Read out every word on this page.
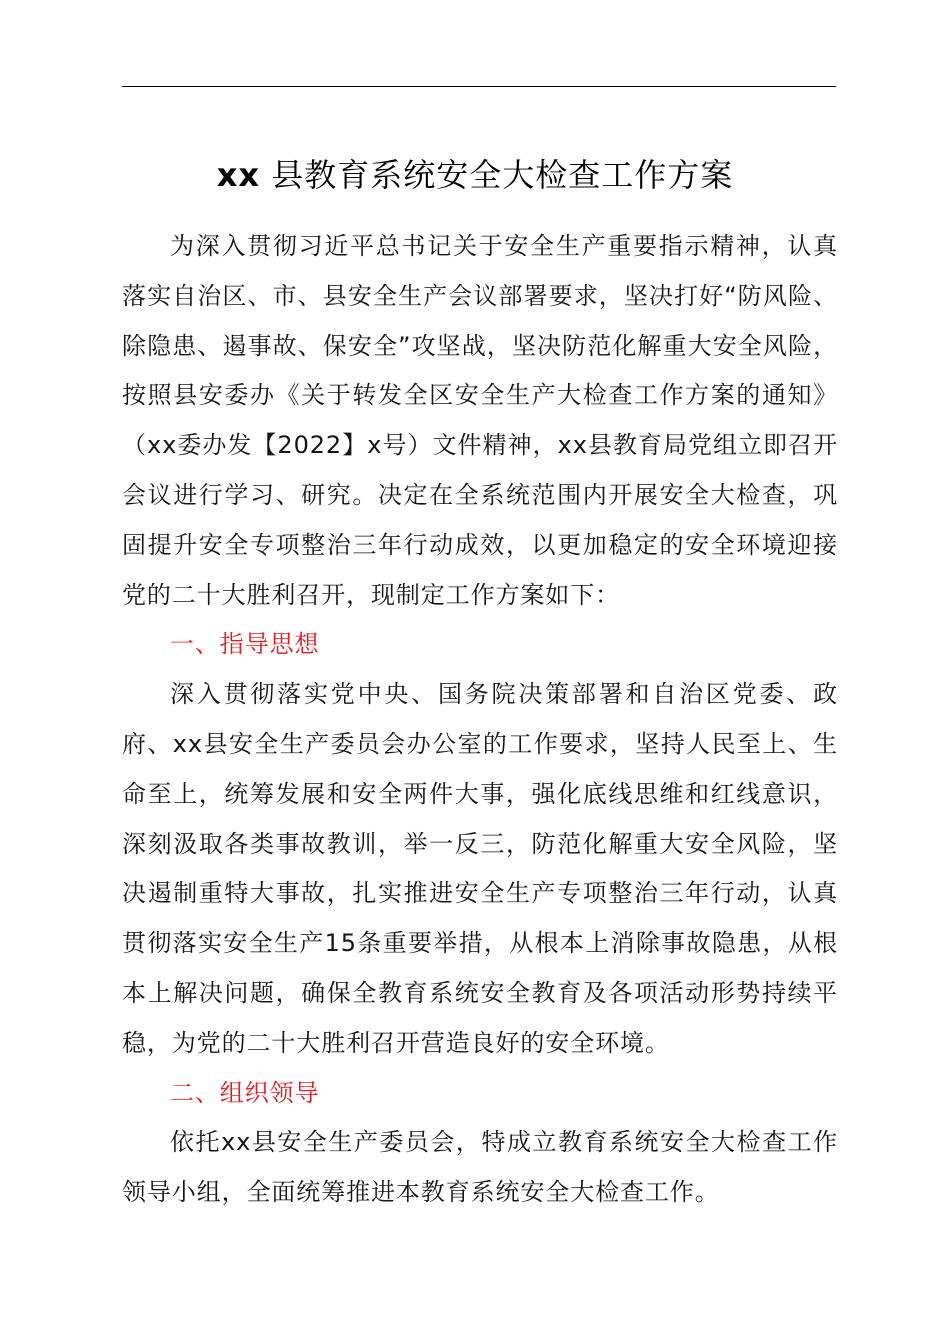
xx 县教育系统安全大检查工作方案

为深入贯彻习近平总书记关于安全生产重要指示精神，认真落实自治区、市、县安全生产会议部署要求，坚决打好“防风险、除隐患、遏事故、保安全”攻坚战，坚决防范化解重大安全风险，按照县安委办《关于转发全区安全生产大检查工作方案的通知》（xx委办发【2022】x号）文件精神，xx县教育局党组立即召开会议进行学习、研究。决定在全系统范围内开展安全大检查，巩固提升安全专项整治三年行动成效，以更加稳定的安全环境迎接党的二十大胜利召开，现制定工作方案如下：

一、指导思想

深入贯彻落实党中央、国务院决策部署和自治区党委、政府、xx县安全生产委员会办公室的工作要求，坚持人民至上、生命至上，统筹发展和安全两件大事，强化底线思维和红线意识，深刻汲取各类事故教训，举一反三，防范化解重大安全风险，坚决遏制重特大事故，扎实推进安全生产专项整治三年行动，认真贯彻落实安全生产15条重要举措，从根本上消除事故隐患，从根本上解决问题，确保全教育系统安全教育及各项活动形势持续平稳，为党的二十大胜利召开营造良好的安全环境。

二、组织领导

依托xx县安全生产委员会，特成立教育系统安全大检查工作领导小组，全面统筹推进本教育系统安全大检查工作。
